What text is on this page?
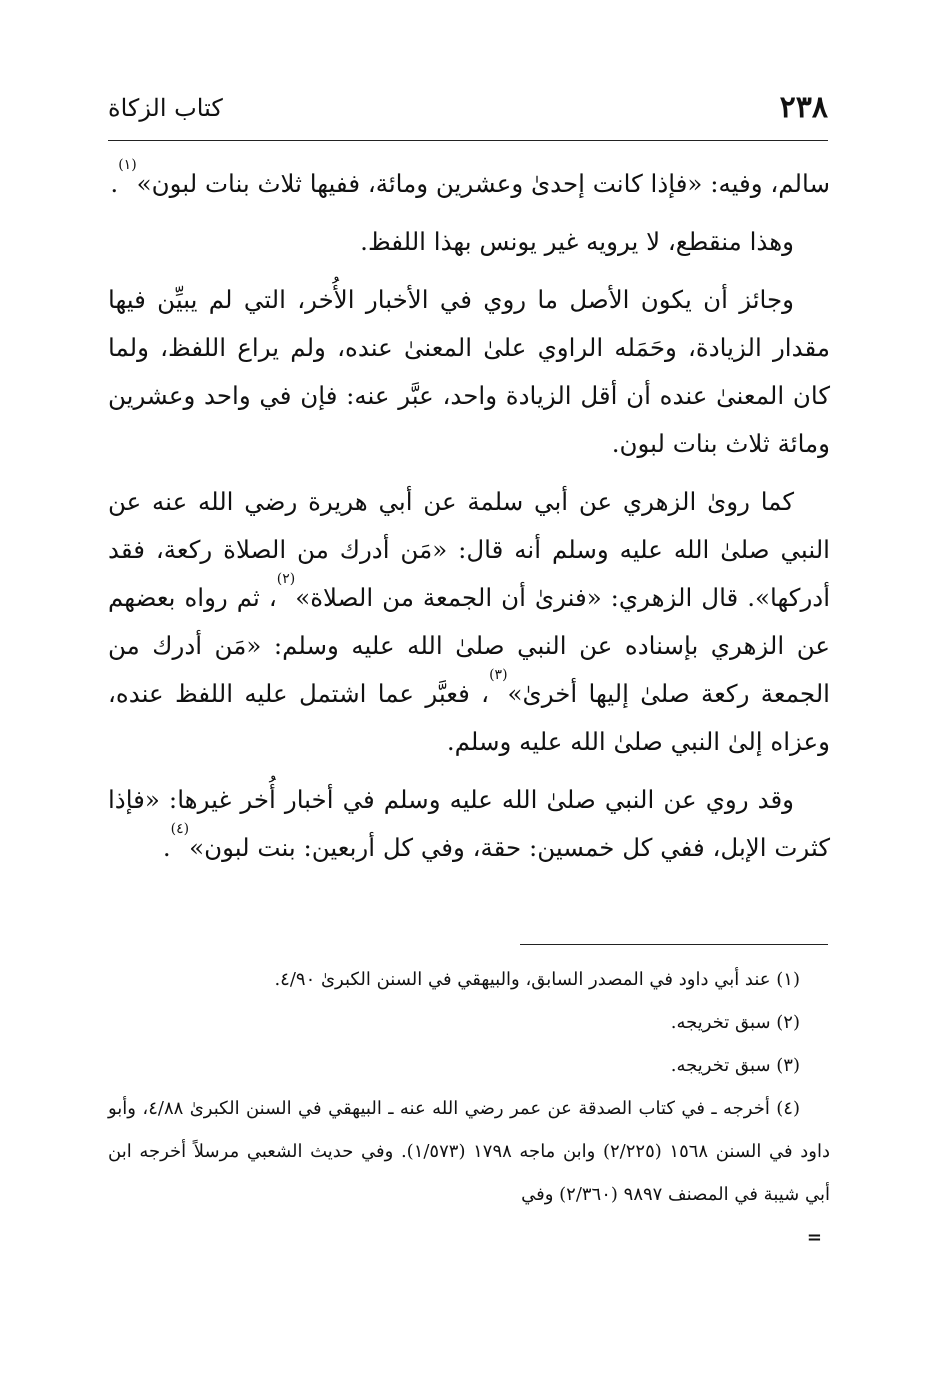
٢٣٨
كتاب الزكاة

سالم، وفيه: «فإذا كانت إحدىٰ وعشرين ومائة، ففيها ثلاث بنات لبون»$^{(١)}$.

وهذا منقطع، لا يرويه غير يونس بهذا اللفظ.

وجائز أن يكون الأصل ما روي في الأخبار الأُخر، التي لم يبيِّن فيها مقدار الزيادة، وحَمَله الراوي علىٰ المعنىٰ عنده، ولم يراع اللفظ، ولما كان المعنىٰ عنده أن أقل الزيادة واحد، عبَّر عنه: فإن في واحد وعشرين ومائة ثلاث بنات لبون.

كما روىٰ الزهري عن أبي سلمة عن أبي هريرة رضي الله عنه عن النبي صلىٰ الله عليه وسلم أنه قال: «مَن أدرك من الصلاة ركعة، فقد أدركها». قال الزهري: «فنرىٰ أن الجمعة من الصلاة»$^{(٢)}$، ثم رواه بعضهم عن الزهري بإسناده عن النبي صلىٰ الله عليه وسلم: «مَن أدرك من الجمعة ركعة صلىٰ إليها أخرىٰ»$^{(٣)}$، فعبَّر عما اشتمل عليه اللفظ عنده، وعزاه إلىٰ النبي صلىٰ الله عليه وسلم.

وقد روي عن النبي صلىٰ الله عليه وسلم في أخبار أُخر غيرها: «فإذا كثرت الإبل، ففي كل خمسين: حقة، وفي كل أربعين: بنت لبون»$^{(٤)}$.

(١) عند أبي داود في المصدر السابق، والبيهقي في السنن الكبرىٰ ٤/٩٠.

(٢) سبق تخريجه.

(٣) سبق تخريجه.

(٤) أخرجه ـ في كتاب الصدقة عن عمر رضي الله عنه ـ البيهقي في السنن الكبرىٰ ٤/٨٨، وأبو داود في السنن ١٥٦٨ (٢/٢٢٥) وابن ماجه ١٧٩٨ (١/٥٧٣). وفي حديث الشعبي مرسلاً أخرجه ابن أبي شيبة في المصنف ٩٨٩٧ (٢/٣٦٠) وفي

=
